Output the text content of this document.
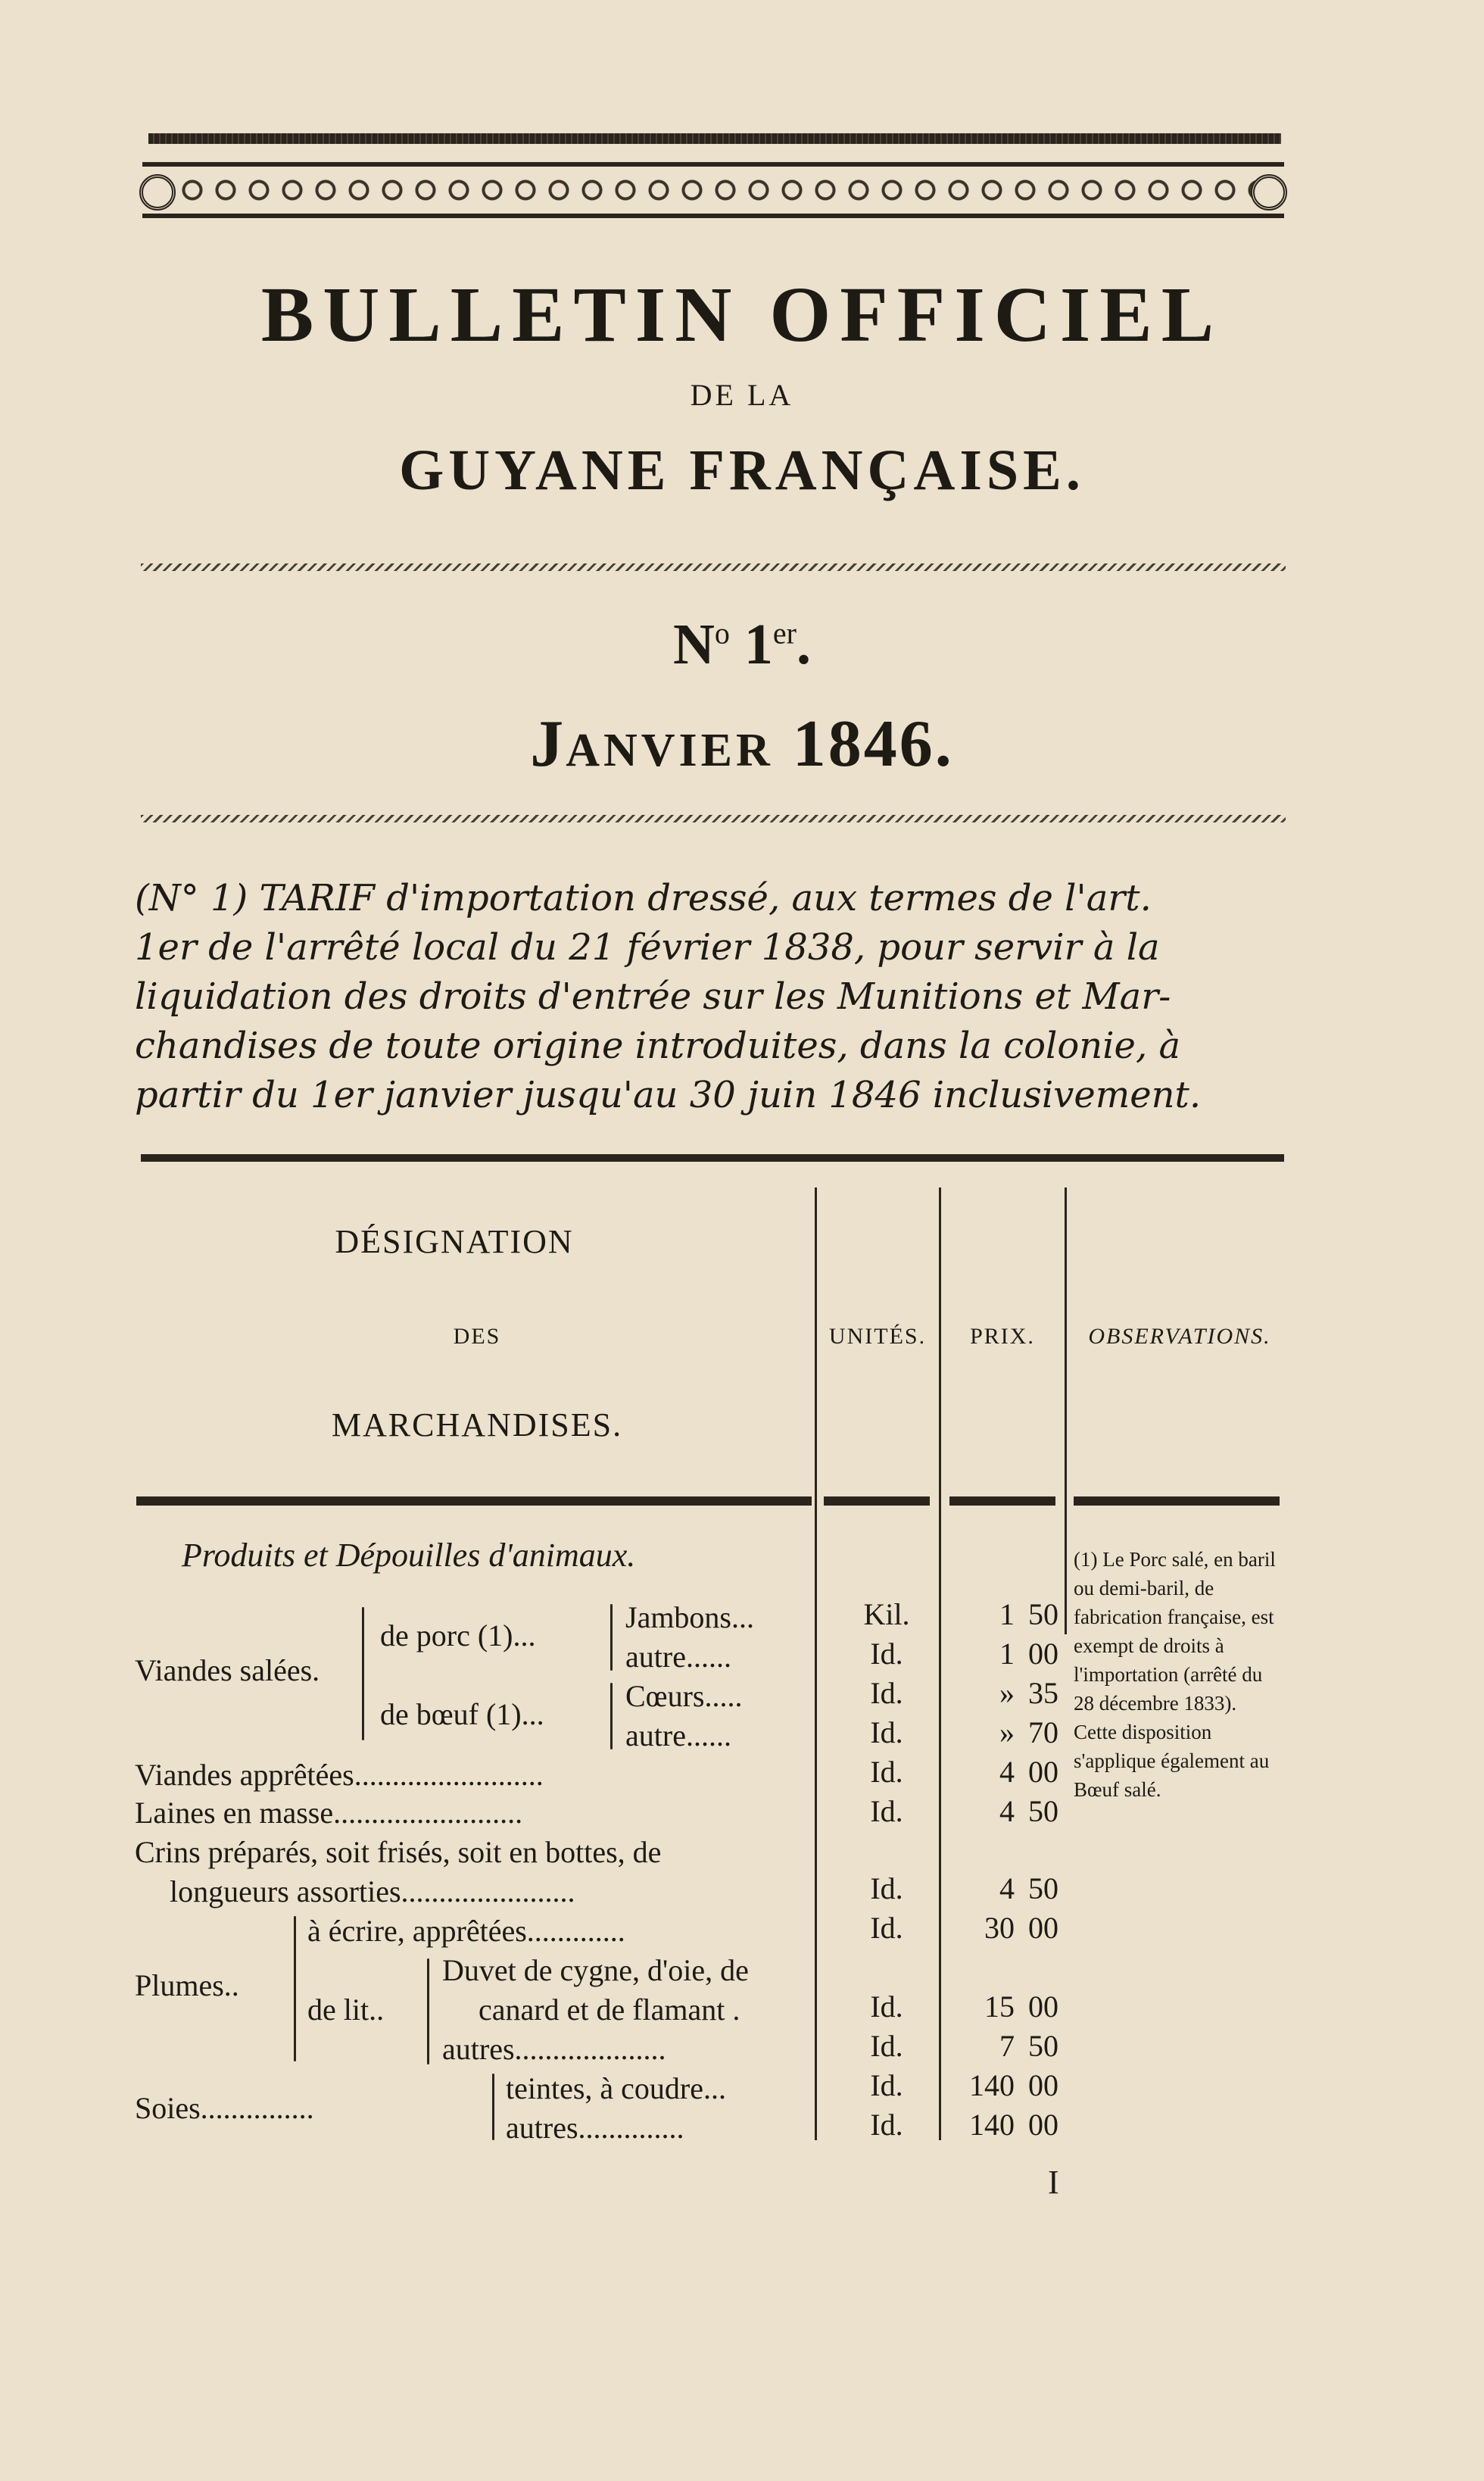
BULLETIN OFFICIEL
DE LA
GUYANE FRANÇAISE.
$N^o$ 1er.
JANVIER 1846.
(N° 1) TARIF d'importation dressé, aux termes de l'art.
1er de l'arrêté local du 21 février 1838, pour servir à la
liquidation des droits d'entrée sur les Munitions et Mar-
chandises de toute origine introduites, dans la colonie, à
partir du 1er janvier jusqu'au 30 juin 1846 inclusivement.
DÉSIGNATION
DES
MARCHANDISES.
UNITÉS.	PRIX.	OBSERVATIONS.
Produits et Dépouilles d'animaux.
Viandes salées.
de porc (1)...
de bœuf (1)...
Jambons...
autre......
Cœurs.....
autre......
Viandes apprêtées.........................
Laines en masse.........................
Crins préparés, soit frisés, soit en bottes, de
longueurs assorties.......................
Plumes..
à écrire, apprêtées.............
de lit..
Duvet de cygne, d'oie, de
canard et de flamant .
autres....................
Soies...............
teintes, à coudre...
autres..............
Kil.
Id.
Id.
Id.
Id.
Id.
Id.
Id.
Id.
Id.
Id.
Id.
1 50
1 00
» 35
» 70
4 00
4 50
4 50
30 00
15 00
7 50
140 00
140 00
(1) Le Porc salé, en baril ou demi-baril, de fabrication française, est exempt de droits à l'importation (arrêté du 28 décembre 1833). Cette disposition s'applique également au Bœuf salé.
I
